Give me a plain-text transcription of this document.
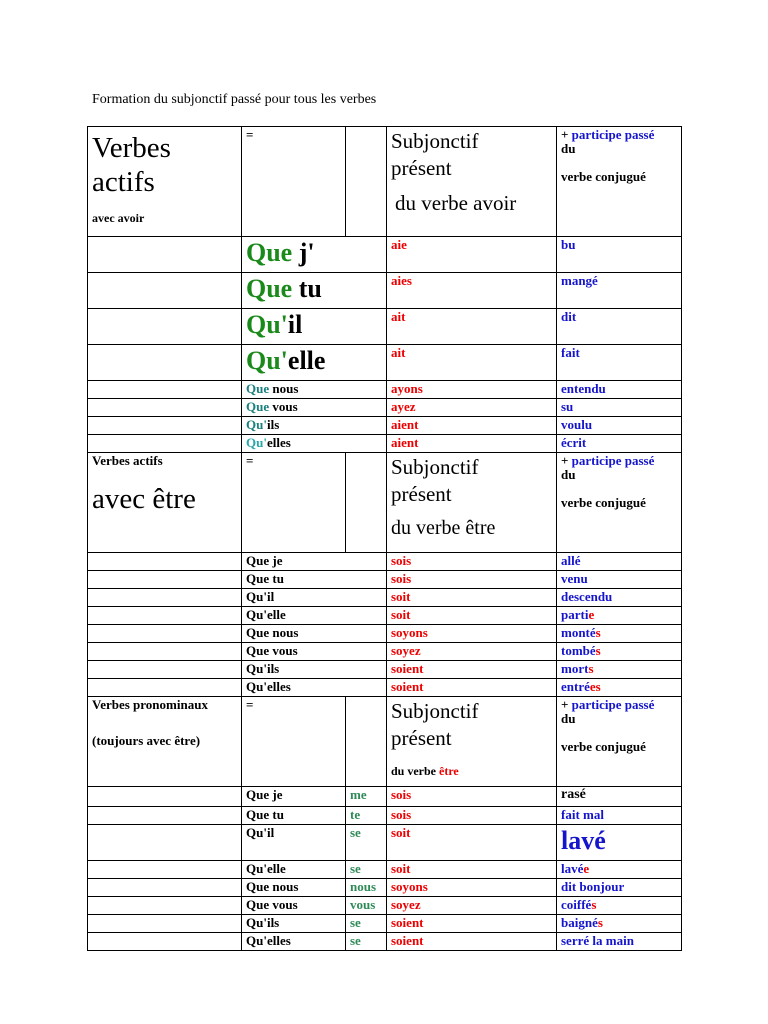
Formation du subjonctif passé pour tous les verbes
Verbes
actifs
avec avoir	=		Subjonctif
présent
du verbe avoir	+ participe passé
du
verbe conjugué

	Que j'		aie	bu
	Que tu		aies	mangé
	Qu'il		ait	dit
	Qu'elle		ait	fait
	Que nous		ayons	entendu
	Que vous		ayez	su
	Qu'ils		aient	voulu
	Qu'elles		aient	écrit

Verbes actifs
avec être	=		Subjonctif
présent
du verbe être	+ participe passé
du
verbe conjugué

	Que je		sois	allé
	Que tu		sois	venu
	Qu'il		soit	descendu
	Qu'elle		soit	partie
	Que nous		soyons	montés
	Que vous		soyez	tombés
	Qu'ils		soient	morts
	Qu'elles		soient	entrées

Verbes pronominaux
(toujours avec être)	=		Subjonctif
présent
du verbe être	+ participe passé
du
verbe conjugué

	Que je	me	sois	rasé
	Que tu	te	sois	fait mal
	Qu'il	se	soit	lavé
	Qu'elle	se	soit	lavée
	Que nous	nous	soyons	dit bonjour
	Que vous	vous	soyez	coiffés
	Qu'ils	se	soient	baignés
	Qu'elles	se	soient	serré la main
